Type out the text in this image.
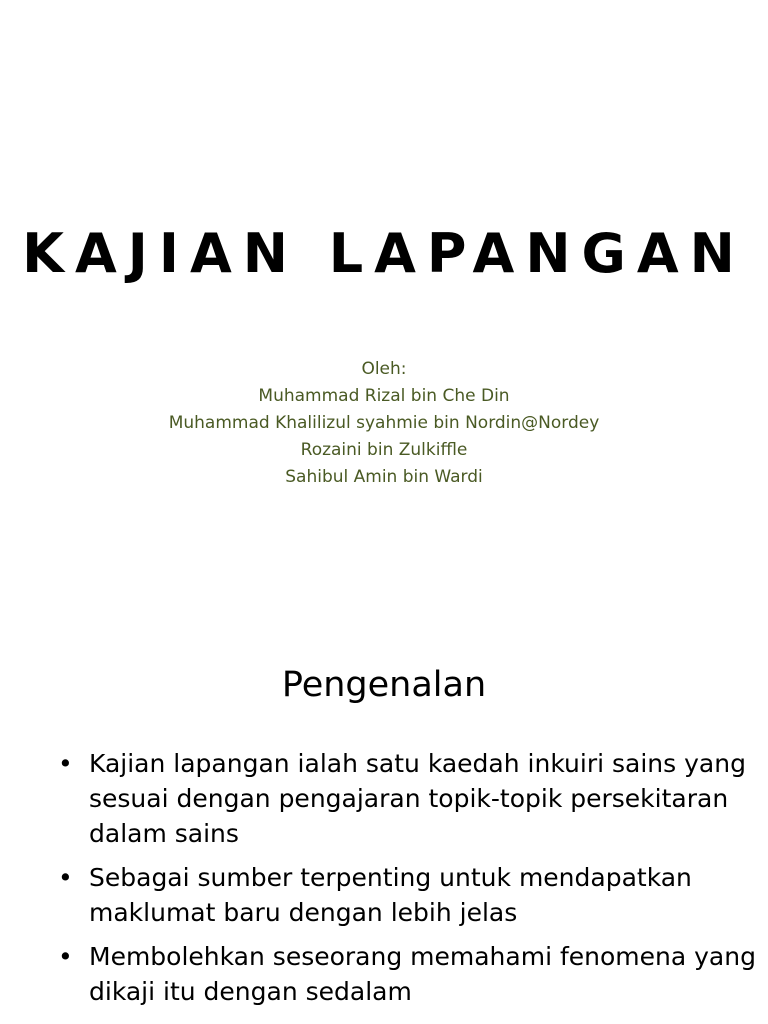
KAJIAN LAPANGAN
Oleh:
Muhammad Rizal bin Che Din
Muhammad Khalilizul syahmie bin Nordin@Nordey
Rozaini bin Zulkiffle
Sahibul Amin bin Wardi
Pengenalan
• Kajian lapangan ialah satu kaedah inkuiri sains yang sesuai dengan pengajaran topik-topik persekitaran dalam sains
• Sebagai sumber terpenting untuk mendapatkan maklumat baru dengan lebih jelas
• Membolehkan seseorang memahami fenomena yang dikaji itu dengan sedalam
